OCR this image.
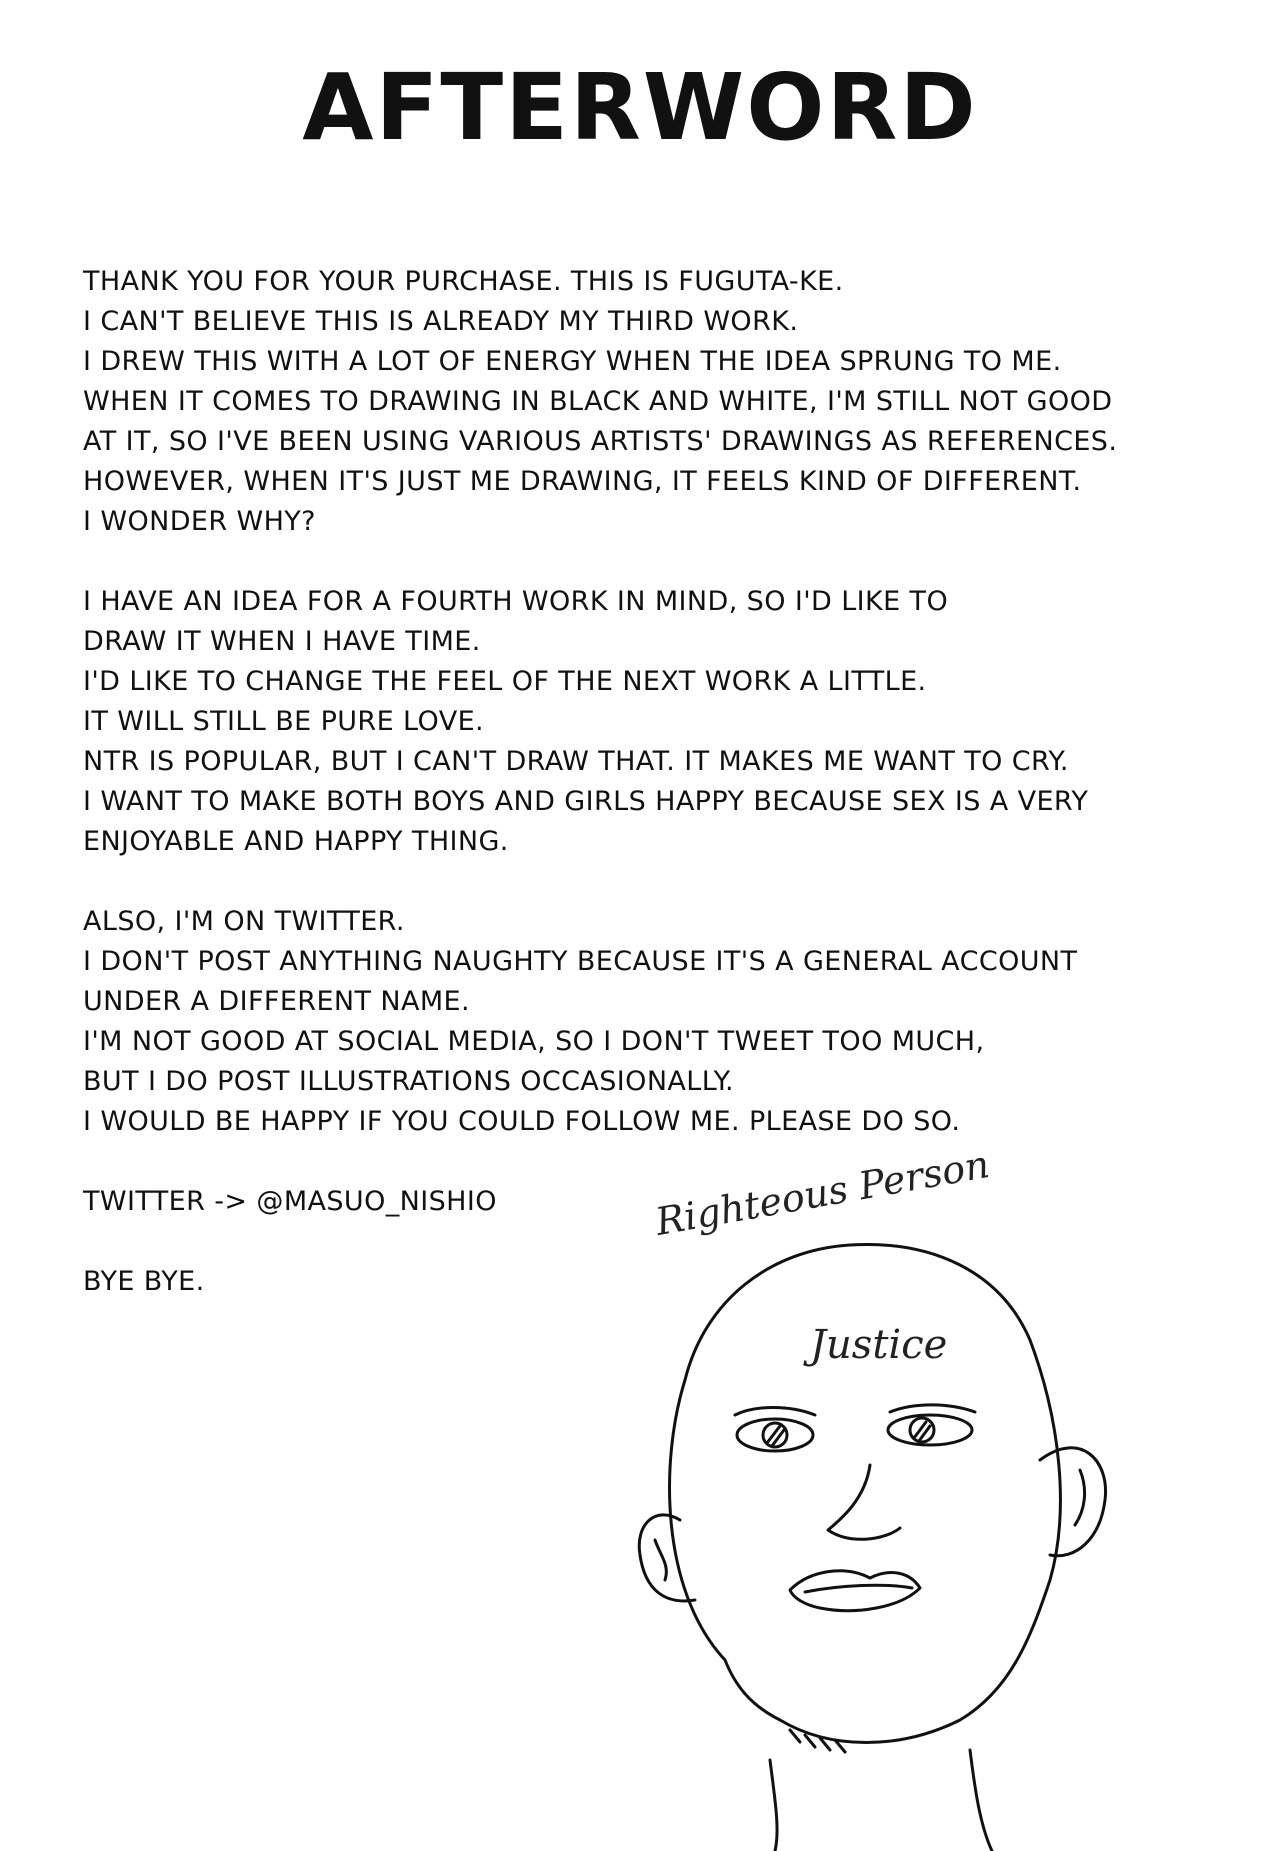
AFTERWORD

THANK YOU FOR YOUR PURCHASE. THIS IS FUGUTA-KE.
I CAN'T BELIEVE THIS IS ALREADY MY THIRD WORK.
I DREW THIS WITH A LOT OF ENERGY WHEN THE IDEA SPRUNG TO ME.
WHEN IT COMES TO DRAWING IN BLACK AND WHITE, I'M STILL NOT GOOD
AT IT, SO I'VE BEEN USING VARIOUS ARTISTS' DRAWINGS AS REFERENCES.
HOWEVER, WHEN IT'S JUST ME DRAWING, IT FEELS KIND OF DIFFERENT.
I WONDER WHY?

I HAVE AN IDEA FOR A FOURTH WORK IN MIND, SO I'D LIKE TO
DRAW IT WHEN I HAVE TIME.
I'D LIKE TO CHANGE THE FEEL OF THE NEXT WORK A LITTLE.
IT WILL STILL BE PURE LOVE.
NTR IS POPULAR, BUT I CAN'T DRAW THAT. IT MAKES ME WANT TO CRY.
I WANT TO MAKE BOTH BOYS AND GIRLS HAPPY BECAUSE SEX IS A VERY
ENJOYABLE AND HAPPY THING.

ALSO, I'M ON TWITTER.
I DON'T POST ANYTHING NAUGHTY BECAUSE IT'S A GENERAL ACCOUNT
UNDER A DIFFERENT NAME.
I'M NOT GOOD AT SOCIAL MEDIA, SO I DON'T TWEET TOO MUCH,
BUT I DO POST ILLUSTRATIONS OCCASIONALLY.
I WOULD BE HAPPY IF YOU COULD FOLLOW ME. PLEASE DO SO.

TWITTER -> @MASUO_NISHIO

BYE BYE.

Righteous Person
Justice
